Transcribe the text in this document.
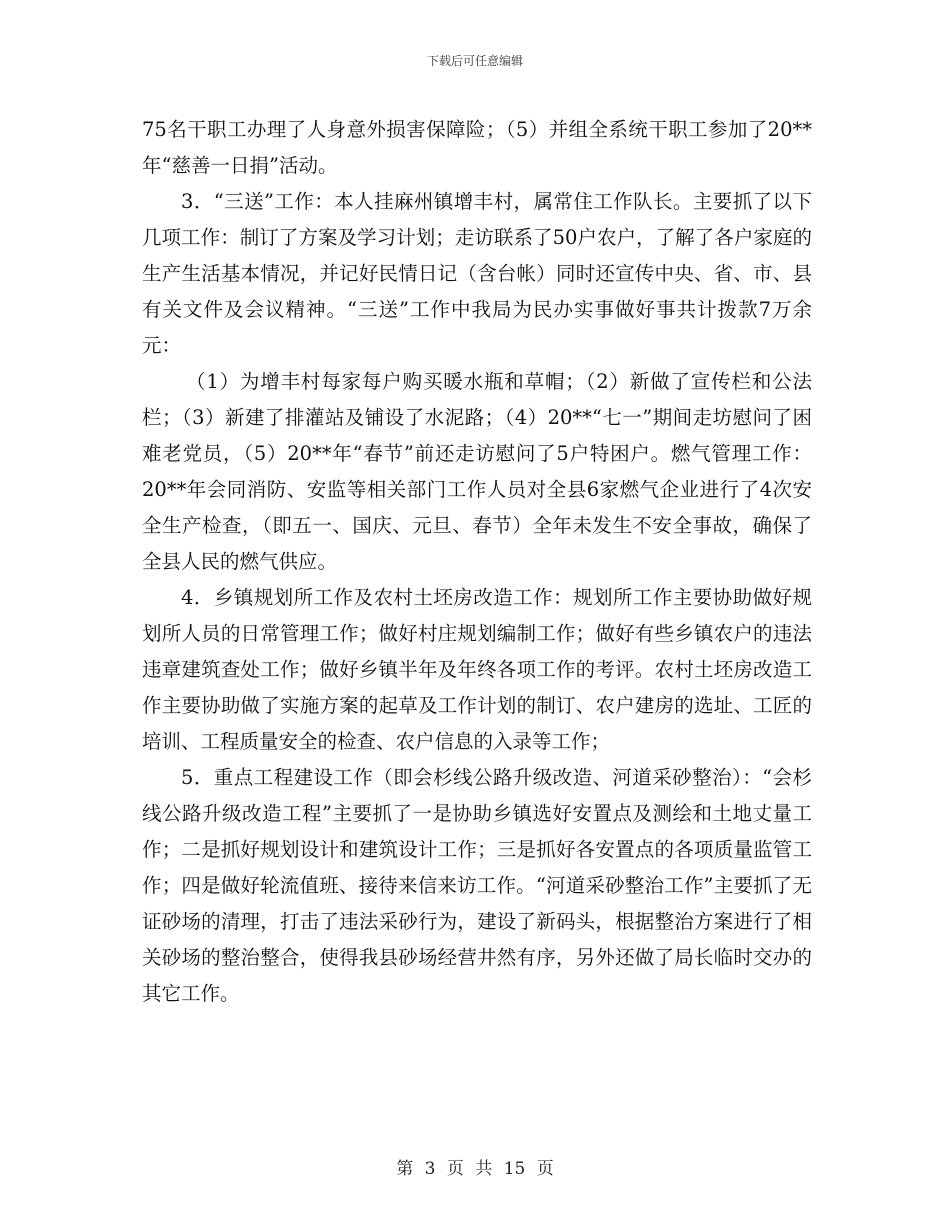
下载后可任意编辑

75名干职工办理了人身意外损害保障险；（5）并组全系统干职工参加了20**年“慈善一日捐”活动。

3．“三送”工作：本人挂麻州镇增丰村，属常住工作队长。主要抓了以下几项工作：制订了方案及学习计划；走访联系了50户农户，了解了各户家庭的生产生活基本情况，并记好民情日记（含台帐）同时还宣传中央、省、市、县有关文件及会议精神。“三送”工作中我局为民办实事做好事共计拨款7万余元：

（1）为增丰村每家每户购买暖水瓶和草帽；（2）新做了宣传栏和公法栏；（3）新建了排灌站及铺设了水泥路；（4）20**“七一”期间走坊慰问了困难老党员，（5）20**年“春节”前还走访慰问了5户特困户。燃气管理工作：20**年会同消防、安监等相关部门工作人员对全县6家燃气企业进行了4次安全生产检查，（即五一、国庆、元旦、春节）全年未发生不安全事故，确保了全县人民的燃气供应。

4．乡镇规划所工作及农村土坯房改造工作：规划所工作主要协助做好规划所人员的日常管理工作；做好村庄规划编制工作；做好有些乡镇农户的违法违章建筑查处工作；做好乡镇半年及年终各项工作的考评。农村土坯房改造工作主要协助做了实施方案的起草及工作计划的制订、农户建房的选址、工匠的培训、工程质量安全的检查、农户信息的入录等工作；

5．重点工程建设工作（即会杉线公路升级改造、河道采砂整治）：“会杉线公路升级改造工程”主要抓了一是协助乡镇选好安置点及测绘和土地丈量工作；二是抓好规划设计和建筑设计工作；三是抓好各安置点的各项质量监管工作；四是做好轮流值班、接待来信来访工作。“河道采砂整治工作”主要抓了无证砂场的清理，打击了违法采砂行为，建设了新码头，根据整治方案进行了相关砂场的整治整合，使得我县砂场经营井然有序，另外还做了局长临时交办的其它工作。

第 3 页 共 15 页
